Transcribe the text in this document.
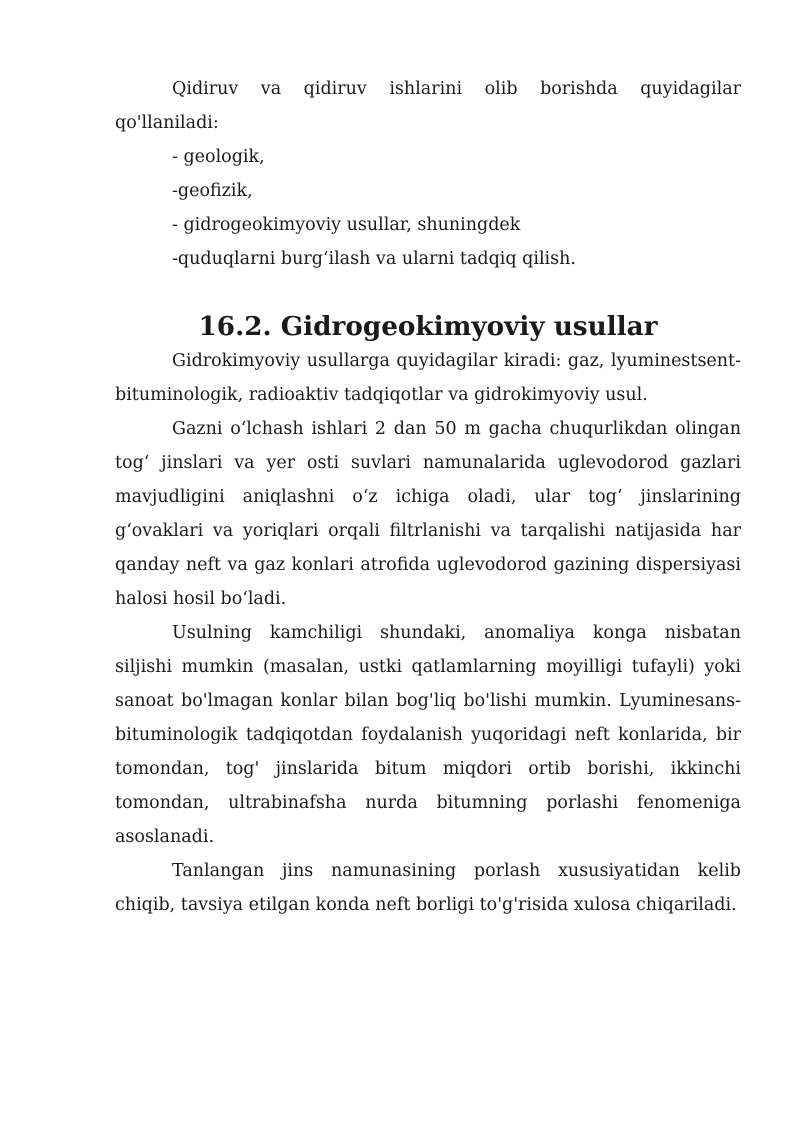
Qidiruv va qidiruv ishlarini olib borishda quyidagilar qo'llaniladi:

- geologik,

-geofizik,

- gidrogeokimyoviy usullar, shuningdek

-quduqlarni burg‘ilash va ularni tadqiq qilish.

16.2. Gidrogeokimyoviy usullar

Gidrokimyoviy usullarga quyidagilar kiradi: gaz, lyuminestsent-bituminologik, radioaktiv tadqiqotlar va gidrokimyoviy usul.

Gazni o‘lchash ishlari 2 dan 50 m gacha chuqurlikdan olingan tog‘ jinslari va yer osti suvlari namunalarida uglevodorod gazlari mavjudligini aniqlashni o‘z ichiga oladi, ular tog‘ jinslarining g‘ovaklari va yoriqlari orqali filtrlanishi va tarqalishi natijasida har qanday neft va gaz konlari atrofida uglevodorod gazining dispersiyasi halosi hosil bo‘ladi.

Usulning kamchiligi shundaki, anomaliya konga nisbatan siljishi mumkin (masalan, ustki qatlamlarning moyilligi tufayli) yoki sanoat bo'lmagan konlar bilan bog'liq bo'lishi mumkin. Lyuminesans-bituminologik tadqiqotdan foydalanish yuqoridagi neft konlarida, bir tomondan, tog' jinslarida bitum miqdori ortib borishi, ikkinchi tomondan, ultrabinafsha nurda bitumning porlashi fenomeniga asoslanadi.

Tanlangan jins namunasining porlash xususiyatidan kelib chiqib, tavsiya etilgan konda neft borligi to'g'risida xulosa chiqariladi.
